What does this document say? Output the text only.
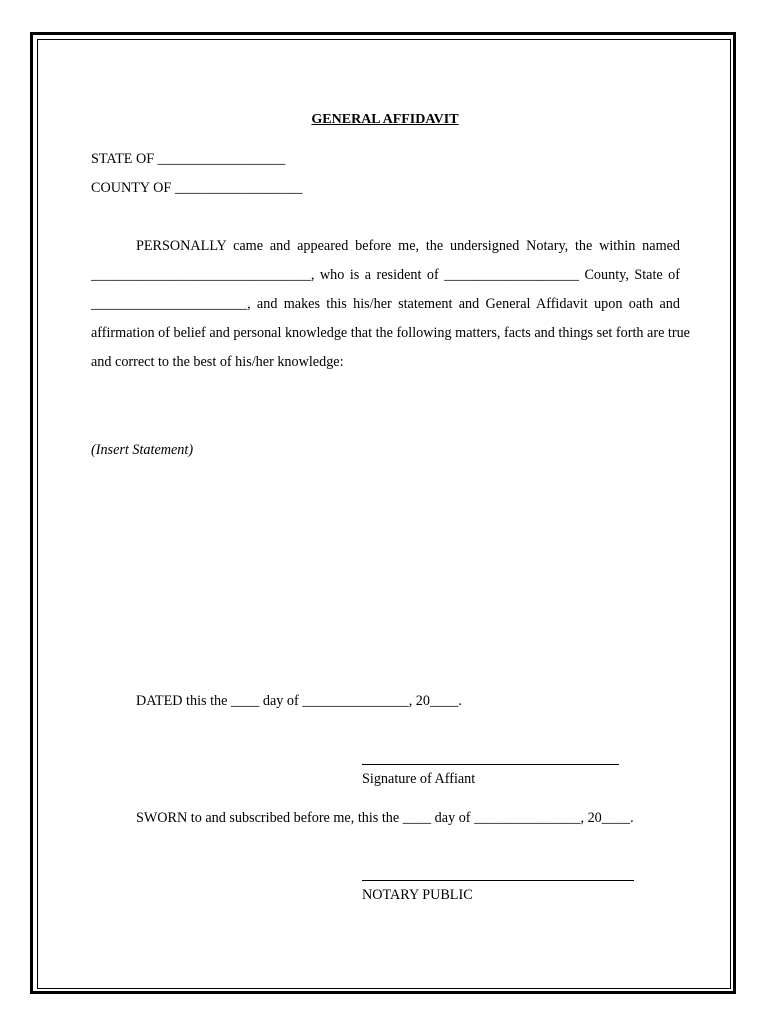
GENERAL AFFIDAVIT
STATE OF __________________
COUNTY OF __________________
PERSONALLY came and appeared before me, the undersigned Notary, the within named
_______________________________, who is a resident of ___________________ County, State of
______________________, and makes this his/her statement and General Affidavit upon oath and
affirmation of belief and personal knowledge that the following matters, facts and things set forth are true
and correct to the best of his/her knowledge:
(Insert Statement)
DATED this the ____ day of _______________, 20____.
Signature of Affiant
SWORN to and subscribed before me, this the ____ day of _______________, 20____.
NOTARY PUBLIC
